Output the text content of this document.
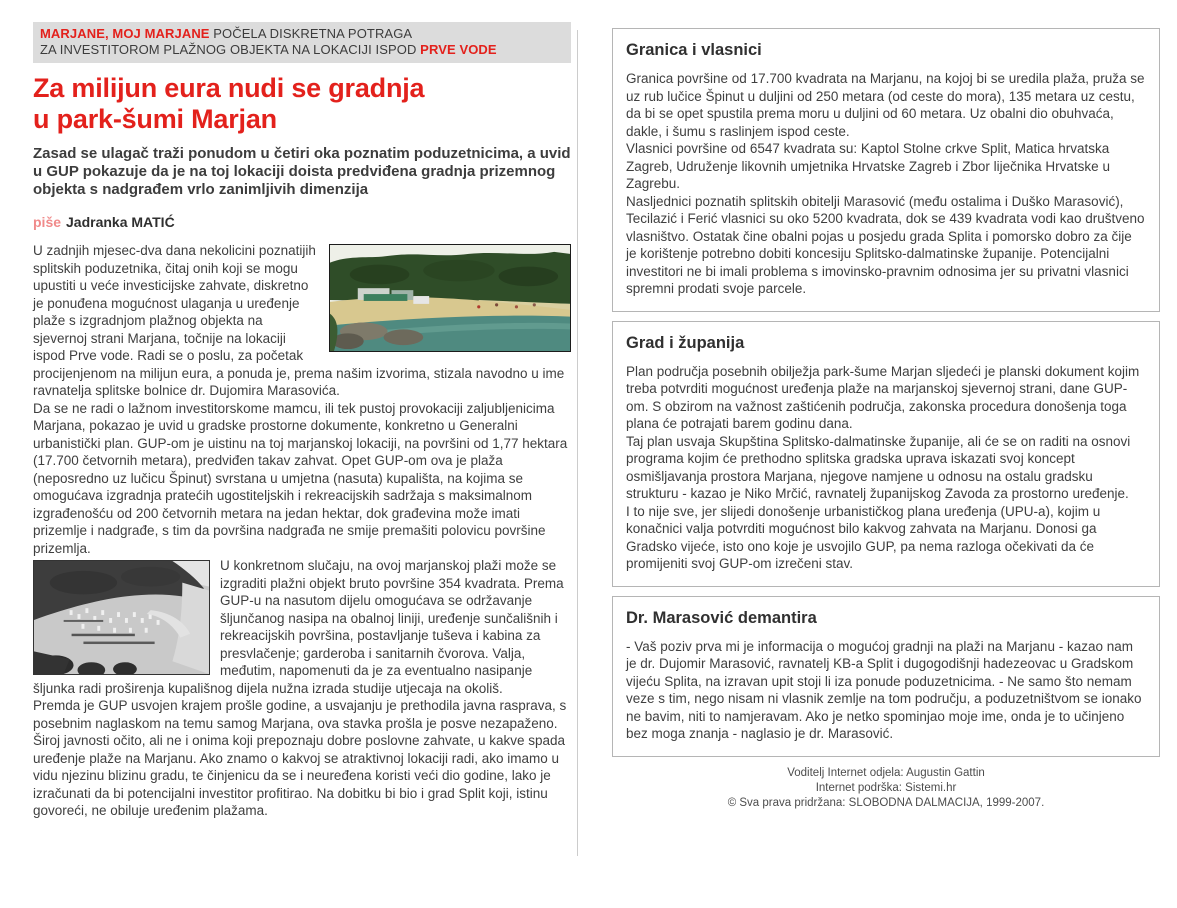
MARJANE, MOJ MARJANE POČELA DISKRETNA POTRAGA
ZA INVESTITOROM PLAŽNOG OBJEKTA NA LOKACIJI ISPOD PRVE VODE
Za milijun eura nudi se gradnja
u park-šumi Marjan
Zasad se ulagač traži ponudom u četiri oka poznatim poduzetnicima, a uvid u GUP pokazuje da je na toj lokaciji doista predviđena gradnja prizemnog objekta s nadgrađem vrlo zanimljivih dimenzija
piše Jadranka MATIĆ

U zadnjih mjesec-dva dana nekolicini poznatijih splitskih poduzetnika, čitaj onih koji se mogu upustiti u veće investicijske zahvate, diskretno je ponuđena mogućnost ulaganja u uređenje plaže s izgradnjom plažnog objekta na sjevernoj strani Marjana, točnije na lokaciji ispod Prve vode. Radi se o poslu, za početak procijenjenom na milijun eura, a ponuda je, prema našim izvorima, stizala navodno u ime ravnatelja splitske bolnice dr. Dujomira Marasovića.

Da se ne radi o lažnom investitorskome mamcu, ili tek pustoj provokaciji zaljubljenicima Marjana, pokazao je uvid u gradske prostorne dokumente, konkretno u Generalni urbanistički plan. GUP-om je uistinu na toj marjanskoj lokaciji, na površini od 1,77 hektara (17.700 četvornih metara), predviđen takav zahvat. Opet GUP-om ova je plaža (neposredno uz lučicu Špinut) svrstana u umjetna (nasuta) kupališta, na kojima se omogućava izgradnja pratećih ugostiteljskih i rekreacijskih sadržaja s maksimalnom izgrađenošću od 200 četvornih metara na jedan hektar, dok građevina može imati prizemlje i nadgrađe, s tim da površina nadgrađa ne smije premašiti polovicu površine prizemlja.

U konkretnom slučaju, na ovoj marjanskoj plaži može se izgraditi plažni objekt bruto površine 354 kvadrata. Prema GUP-u na nasutom dijelu omogućava se održavanje šljunčanog nasipa na obalnoj liniji, uređenje sunčališnih i rekreacijskih površina, postavljanje tuševa i kabina za presvlačenje; garderoba i sanitarnih čvorova. Valja, međutim, napomenuti da je za eventualno nasipanje šljunka radi proširenja kupališnog dijela nužna izrada studije utjecaja na okoliš.

Premda je GUP usvojen krajem prošle godine, a usvajanju je prethodila javna rasprava, s posebnim naglaskom na temu samog Marjana, ova stavka prošla je posve nezapaženo. Široj javnosti očito, ali ne i onima koji prepoznaju dobre poslovne zahvate, u kakve spada uređenje plaže na Marjanu. Ako znamo o kakvoj se atraktivnoj lokaciji radi, ako imamo u vidu njezinu blizinu gradu, te činjenicu da se i neuređena koristi veći dio godine, lako je izračunati da bi potencijalni investitor profitirao. Na dobitku bi bio i grad Split koji, istinu govoreći, ne obiluje uređenim plažama.

Granica i vlasnici
Granica površine od 17.700 kvadrata na Marjanu, na kojoj bi se uredila plaža, pruža se uz rub lučice Špinut u duljini od 250 metara (od ceste do mora), 135 metara uz cestu, da bi se opet spustila prema moru u duljini od 60 metara. Uz obalni dio obuhvaća, dakle, i šumu s raslinjem ispod ceste.
Vlasnici površine od 6547 kvadrata su: Kaptol Stolne crkve Split, Matica hrvatska Zagreb, Udruženje likovnih umjetnika Hrvatske Zagreb i Zbor liječnika Hrvatske u Zagrebu.
Nasljednici poznatih splitskih obitelji Marasović (među ostalima i Duško Marasović), Tecilazić i Ferić vlasnici su oko 5200 kvadrata, dok se 439 kvadrata vodi kao društveno vlasništvo. Ostatak čine obalni pojas u posjedu grada Splita i pomorsko dobro za čije je korištenje potrebno dobiti koncesiju Splitsko-dalmatinske županije. Potencijalni investitori ne bi imali problema s imovinsko-pravnim odnosima jer su privatni vlasnici spremni prodati svoje parcele.
Grad i županija
Plan područja posebnih obilježja park-šume Marjan sljedeći je planski dokument kojim treba potvrditi mogućnost uređenja plaže na marjanskoj sjevernoj strani, dane GUP-om. S obzirom na važnost zaštićenih područja, zakonska procedura donošenja toga plana će potrajati barem godinu dana.
Taj plan usvaja Skupština Splitsko-dalmatinske županije, ali će se on raditi na osnovi programa kojim će prethodno splitska gradska uprava iskazati svoj koncept osmišljavanja prostora Marjana, njegove namjene u odnosu na ostalu gradsku strukturu - kazao je Niko Mrčić, ravnatelj županijskog Zavoda za prostorno uređenje.
I to nije sve, jer slijedi donošenje urbanističkog plana uređenja (UPU-a), kojim u konačnici valja potvrditi mogućnost bilo kakvog zahvata na Marjanu. Donosi ga Gradsko vijeće, isto ono koje je usvojilo GUP, pa nema razloga očekivati da će promijeniti svoj GUP-om izrečeni stav.
Dr. Marasović demantira
- Vaš poziv prva mi je informacija o mogućoj gradnji na plaži na Marjanu - kazao nam je dr. Dujomir Marasović, ravnatelj KB-a Split i dugogodišnji hadezeovac u Gradskom vijeću Splita, na izravan upit stoji li iza ponude poduzetnicima. - Ne samo što nemam veze s tim, nego nisam ni vlasnik zemlje na tom području, a poduzetništvom se ionako ne bavim, niti to namjeravam. Ako je netko spominjao moje ime, onda je to učinjeno bez moga znanja - naglasio je dr. Marasović.
Voditelj Internet odjela: Augustin Gattin
Internet podrška: Sistemi.hr
© Sva prava pridržana: SLOBODNA DALMACIJA, 1999-2007.
